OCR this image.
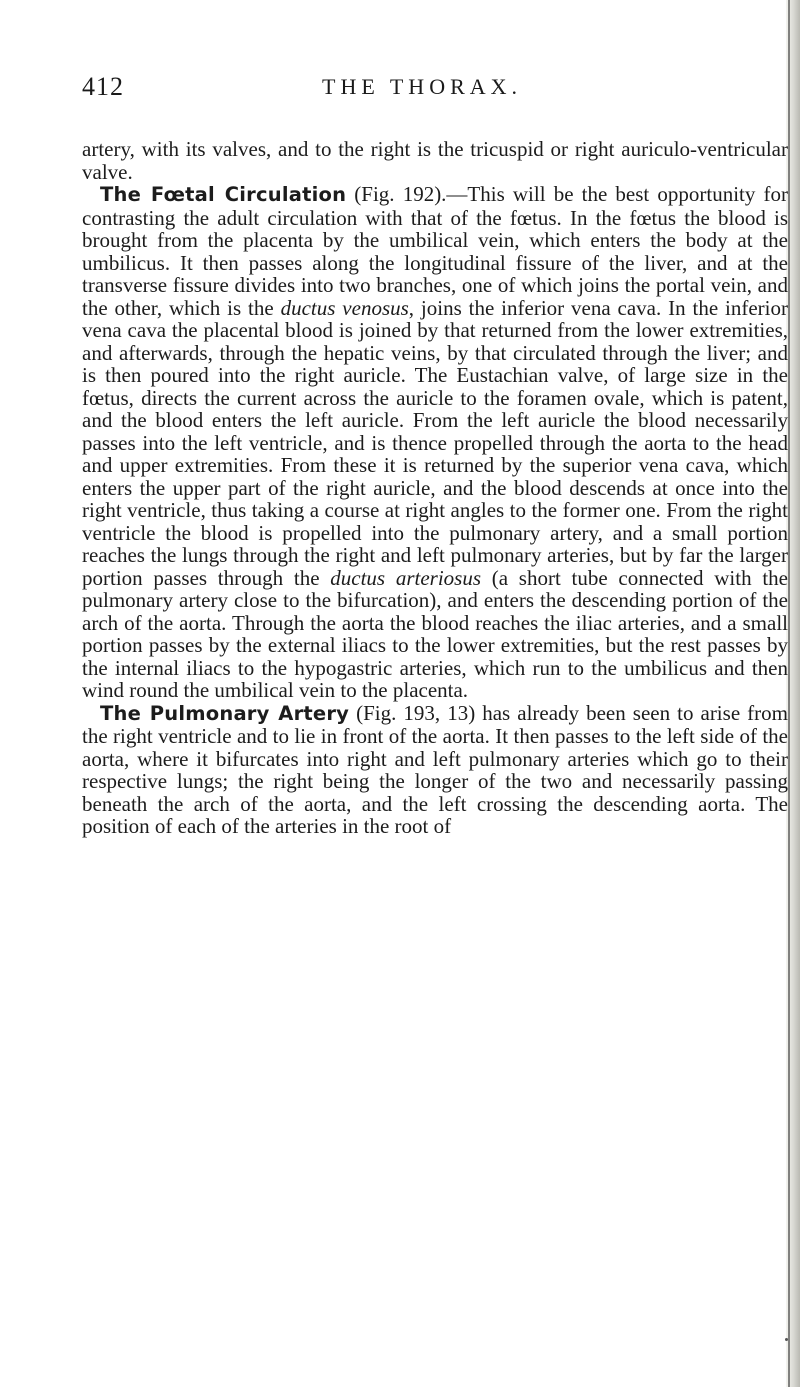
412	THE THORAX.

artery, with its valves, and to the right is the tricuspid or right auriculo-ventricular valve.

The Fœtal Circulation (Fig. 192).—This will be the best opportunity for contrasting the adult circulation with that of the fœtus. In the fœtus the blood is brought from the placenta by the umbilical vein, which enters the body at the umbilicus. It then passes along the longitudinal fissure of the liver, and at the transverse fissure divides into two branches, one of which joins the portal vein, and the other, which is the ductus venosus, joins the inferior vena cava. In the inferior vena cava the placental blood is joined by that returned from the lower extremities, and afterwards, through the hepatic veins, by that circulated through the liver; and is then poured into the right auricle. The Eustachian valve, of large size in the fœtus, directs the current across the auricle to the foramen ovale, which is patent, and the blood enters the left auricle. From the left auricle the blood necessarily passes into the left ventricle, and is thence propelled through the aorta to the head and upper extremities. From these it is returned by the superior vena cava, which enters the upper part of the right auricle, and the blood descends at once into the right ventricle, thus taking a course at right angles to the former one. From the right ventricle the blood is propelled into the pulmonary artery, and a small portion reaches the lungs through the right and left pulmonary arteries, but by far the larger portion passes through the ductus arteriosus (a short tube connected with the pulmonary artery close to the bifurcation), and enters the descending portion of the arch of the aorta. Through the aorta the blood reaches the iliac arteries, and a small portion passes by the external iliacs to the lower extremities, but the rest passes by the internal iliacs to the hypogastric arteries, which run to the umbilicus and then wind round the umbilical vein to the placenta.

The Pulmonary Artery (Fig. 193, 13) has already been seen to arise from the right ventricle and to lie in front of the aorta. It then passes to the left side of the aorta, where it bifurcates into right and left pulmonary arteries which go to their respective lungs; the right being the longer of the two and necessarily passing beneath the arch of the aorta, and the left crossing the descending aorta. The position of each of the arteries in the root of
